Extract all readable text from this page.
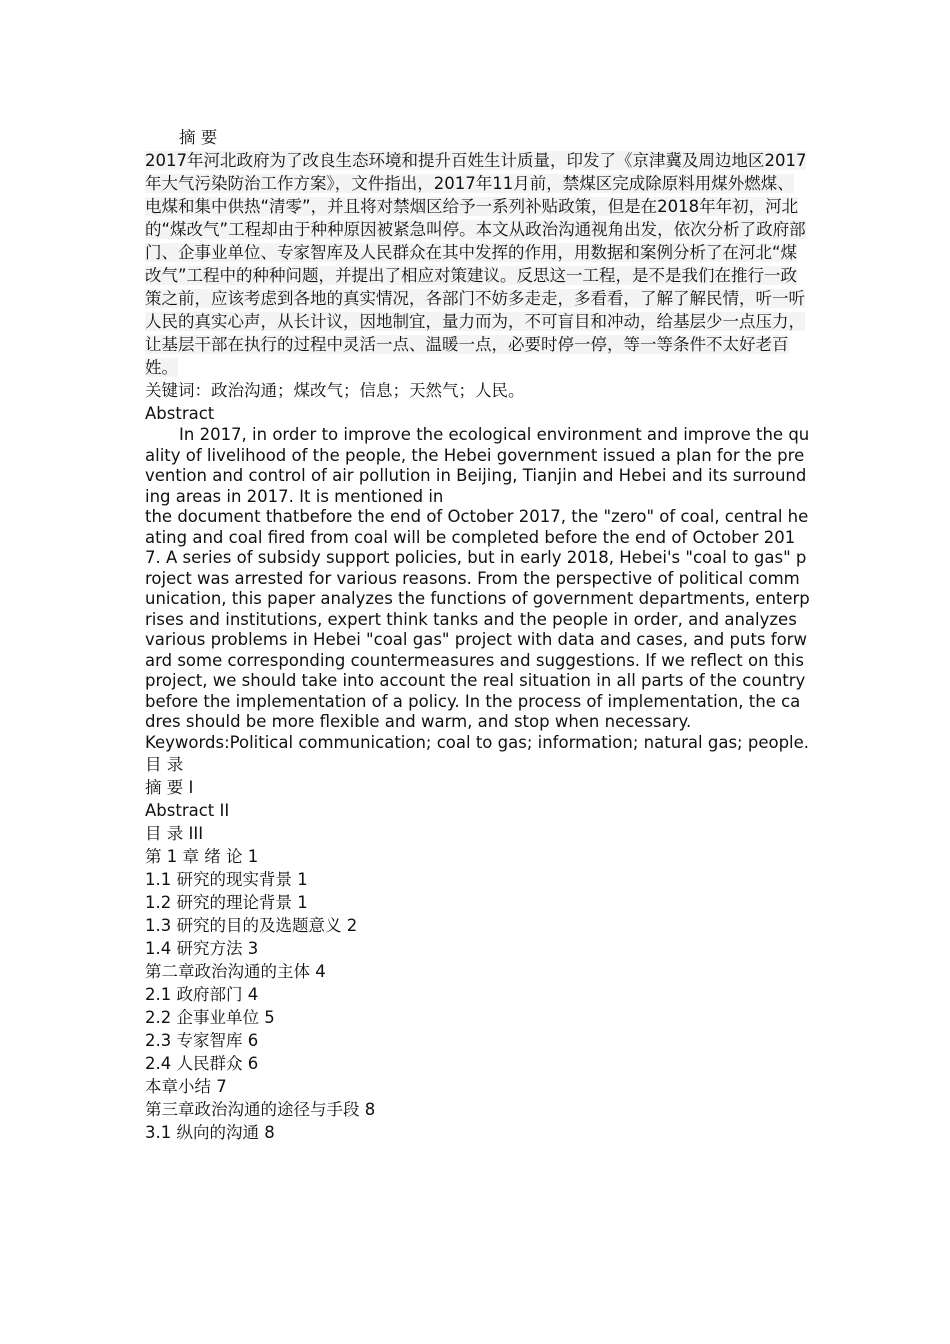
摘 要

2017年河北政府为了改良生态环境和提升百姓生计质量，印发了《京津冀及周边地区2017年大气污染防治工作方案》，文件指出，2017年11月前，禁煤区完成除原料用煤外燃煤、电煤和集中供热“清零”，并且将对禁烟区给予一系列补贴政策，但是在2018年年初，河北的“煤改气”工程却由于种种原因被紧急叫停。本文从政治沟通视角出发，依次分析了政府部门、企事业单位、专家智库及人民群众在其中发挥的作用，用数据和案例分析了在河北“煤改气”工程中的种种问题，并提出了相应对策建议。反思这一工程，是不是我们在推行一政策之前，应该考虑到各地的真实情况，各部门不妨多走走，多看看，了解了解民情，听一听人民的真实心声，从长计议，因地制宜，量力而为，不可盲目和冲动，给基层少一点压力，让基层干部在执行的过程中灵活一点、温暖一点，必要时停一停，等一等条件不太好老百姓。

关键词：政治沟通；煤改气；信息；天然气；人民。

Abstract

In 2017, in order to improve the ecological environment and improve the quality of livelihood of the people, the Hebei government issued a plan for the prevention and control of air pollution in Beijing, Tianjin and Hebei and its surrounding areas in 2017. It is mentioned in

the document thatbefore the end of October 2017, the "zero" of coal, central heating and coal fired from coal will be completed before the end of October 2017. A series of subsidy support policies, but in early 2018, Hebei's "coal to gas" project was arrested for various reasons. From the perspective of political communication, this paper analyzes the functions of government departments, enterprises and institutions, expert think tanks and the people in order, and analyzes various problems in Hebei "coal gas" project with data and cases, and puts forward some corresponding countermeasures and suggestions. If we reflect on this project, we should take into account the real situation in all parts of the country before the implementation of a policy. In the process of implementation, the cadres should be more flexible and warm, and stop when necessary.

Keywords:Political communication; coal to gas; information; natural gas; people.

目 录

摘 要 I
Abstract II
目 录 III
第 1 章 绪 论 1
1.1 研究的现实背景 1
1.2 研究的理论背景 1
1.3 研究的目的及选题意义 2
1.4 研究方法 3
第二章政治沟通的主体 4
2.1 政府部门 4
2.2 企事业单位 5
2.3 专家智库 6
2.4 人民群众 6
本章小结 7
第三章政治沟通的途径与手段 8
3.1 纵向的沟通 8
